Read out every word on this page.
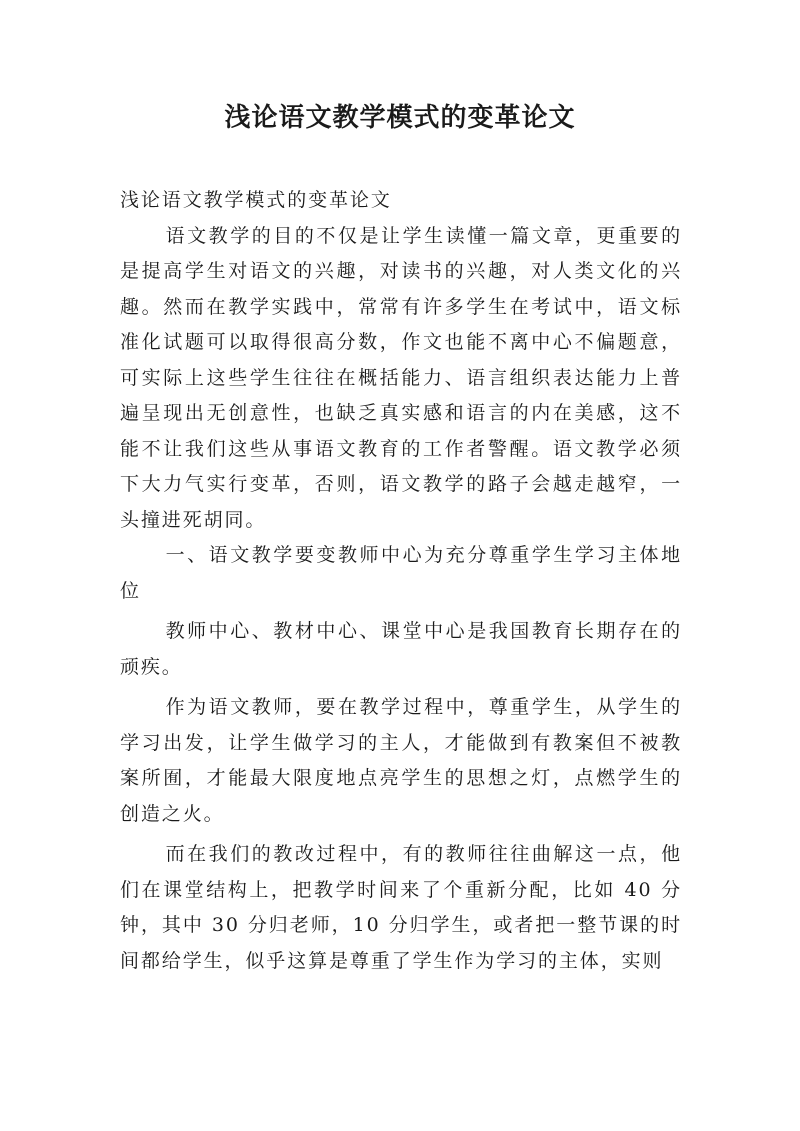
浅论语文教学模式的变革论文

浅论语文教学模式的变革论文

语文教学的目的不仅是让学生读懂一篇文章，更重要的是提高学生对语文的兴趣，对读书的兴趣，对人类文化的兴趣。然而在教学实践中，常常有许多学生在考试中，语文标准化试题可以取得很高分数，作文也能不离中心不偏题意，可实际上这些学生往往在概括能力、语言组织表达能力上普遍呈现出无创意性，也缺乏真实感和语言的内在美感，这不能不让我们这些从事语文教育的工作者警醒。语文教学必须下大力气实行变革，否则，语文教学的路子会越走越窄，一头撞进死胡同。

一、语文教学要变教师中心为充分尊重学生学习主体地位

教师中心、教材中心、课堂中心是我国教育长期存在的顽疾。

作为语文教师，要在教学过程中，尊重学生，从学生的学习出发，让学生做学习的主人，才能做到有教案但不被教案所囿，才能最大限度地点亮学生的思想之灯，点燃学生的创造之火。

而在我们的教改过程中，有的教师往往曲解这一点，他们在课堂结构上，把教学时间来了个重新分配，比如 40 分钟，其中 30 分归老师，10 分归学生，或者把一整节课的时间都给学生，似乎这算是尊重了学生作为学习的主体，实则
